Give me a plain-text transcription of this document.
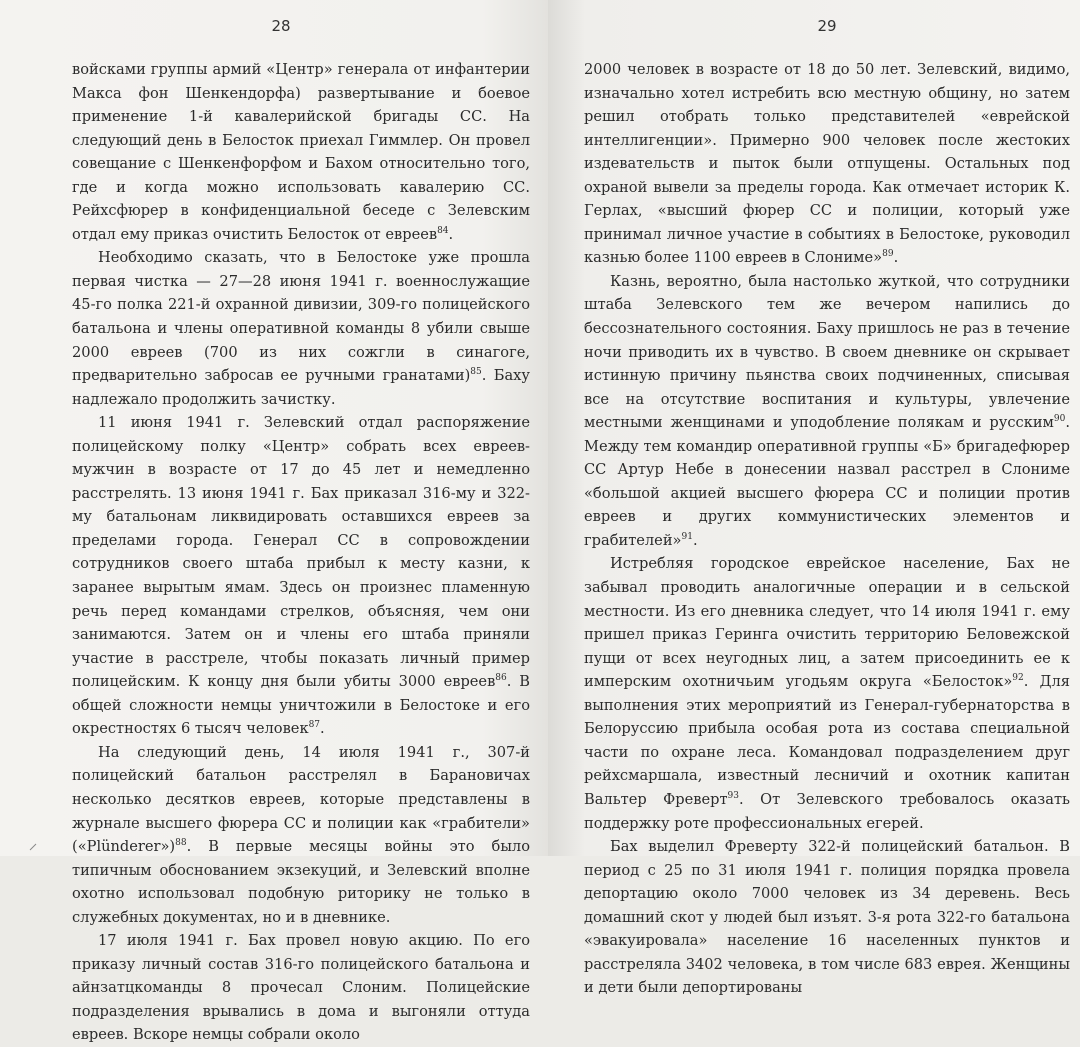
28

войсками группы армий «Центр» генерала от инфантерии Макса фон Шенкендорфа) развертывание и боевое применение 1-й кавалерийской бригады СС. На следующий день в Белосток приехал Гиммлер. Он провел совещание с Шенкенфорфом и Бахом относительно того, где и когда можно использовать кавалерию СС. Рейхсфюрер в конфиденциальной беседе с Зелевским отдал ему приказ очистить Белосток от евреев$^{84}$.

Необходимо сказать, что в Белостоке уже прошла первая чистка — 27—28 июня 1941 г. военнослужащие 45-го полка 221-й охранной дивизии, 309-го полицейского батальона и члены оперативной команды 8 убили свыше 2000 евреев (700 из них сожгли в синагоге, предварительно забросав ее ручными гранатами)$^{85}$. Баху надлежало продолжить зачистку.

11 июня 1941 г. Зелевский отдал распоряжение полицейскому полку «Центр» собрать всех евреев-мужчин в возрасте от 17 до 45 лет и немедленно расстрелять. 13 июня 1941 г. Бах приказал 316-му и 322-му батальонам ликвидировать оставшихся евреев за пределами города. Генерал СС в сопровождении сотрудников своего штаба прибыл к месту казни, к заранее вырытым ямам. Здесь он произнес пламенную речь перед командами стрелков, объясняя, чем они занимаются. Затем он и члены его штаба приняли участие в расстреле, чтобы показать личный пример полицейским. К концу дня были убиты 3000 евреев$^{86}$. В общей сложности немцы уничтожили в Белостоке и его окрестностях 6 тысяч человек$^{87}$.

На следующий день, 14 июля 1941 г., 307-й полицейский батальон расстрелял в Барановичах несколько десятков евреев, которые представлены в журнале высшего фюрера СС и полиции как «грабители» («Plünderer»)$^{88}$. В первые месяцы войны это было типичным обоснованием экзекуций, и Зелевский вполне охотно использовал подобную риторику не только в служебных документах, но и в дневнике.

17 июля 1941 г. Бах провел новую акцию. По его приказу личный состав 316-го полицейского батальона и айнзатцкоманды 8 прочесал Слоним. Полицейские подразделения врывались в дома и выгоняли оттуда евреев. Вскоре немцы собрали около

29

2000 человек в возрасте от 18 до 50 лет. Зелевский, видимо, изначально хотел истребить всю местную общину, но затем решил отобрать только представителей «еврейской интеллигенции». Примерно 900 человек после жестоких издевательств и пыток были отпущены. Остальных под охраной вывели за пределы города. Как отмечает историк К. Герлах, «высший фюрер СС и полиции, который уже принимал личное участие в событиях в Белостоке, руководил казнью более 1100 евреев в Слониме»$^{89}$.

Казнь, вероятно, была настолько жуткой, что сотрудники штаба Зелевского тем же вечером напились до бессознательного состояния. Баху пришлось не раз в течение ночи приводить их в чувство. В своем дневнике он скрывает истинную причину пьянства своих подчиненных, списывая все на отсутствие воспитания и культуры, увлечение местными женщинами и уподобление полякам и русским$^{90}$. Между тем командир оперативной группы «Б» бригадефюрер СС Артур Небе в донесении назвал расстрел в Слониме «большой акцией высшего фюрера СС и полиции против евреев и других коммунистических элементов и грабителей»$^{91}$.

Истребляя городское еврейское население, Бах не забывал проводить аналогичные операции и в сельской местности. Из его дневника следует, что 14 июля 1941 г. ему пришел приказ Геринга очистить территорию Беловежской пущи от всех неугодных лиц, а затем присоединить ее к имперским охотничьим угодьям округа «Белосток»$^{92}$. Для выполнения этих мероприятий из Генерал-губернаторства в Белоруссию прибыла особая рота из состава специальной части по охране леса. Командовал подразделением друг рейхсмаршала, известный лесничий и охотник капитан Вальтер Фреверт$^{93}$. От Зелевского требовалось оказать поддержку роте профессиональных егерей.

Бах выделил Фреверту 322-й полицейский батальон. В период с 25 по 31 июля 1941 г. полиция порядка провела депортацию около 7000 человек из 34 деревень. Весь домашний скот у людей был изъят. 3-я рота 322-го батальона «эвакуировала» население 16 населенных пунктов и расстреляла 3402 человека, в том числе 683 еврея. Женщины и дети были депортированы
